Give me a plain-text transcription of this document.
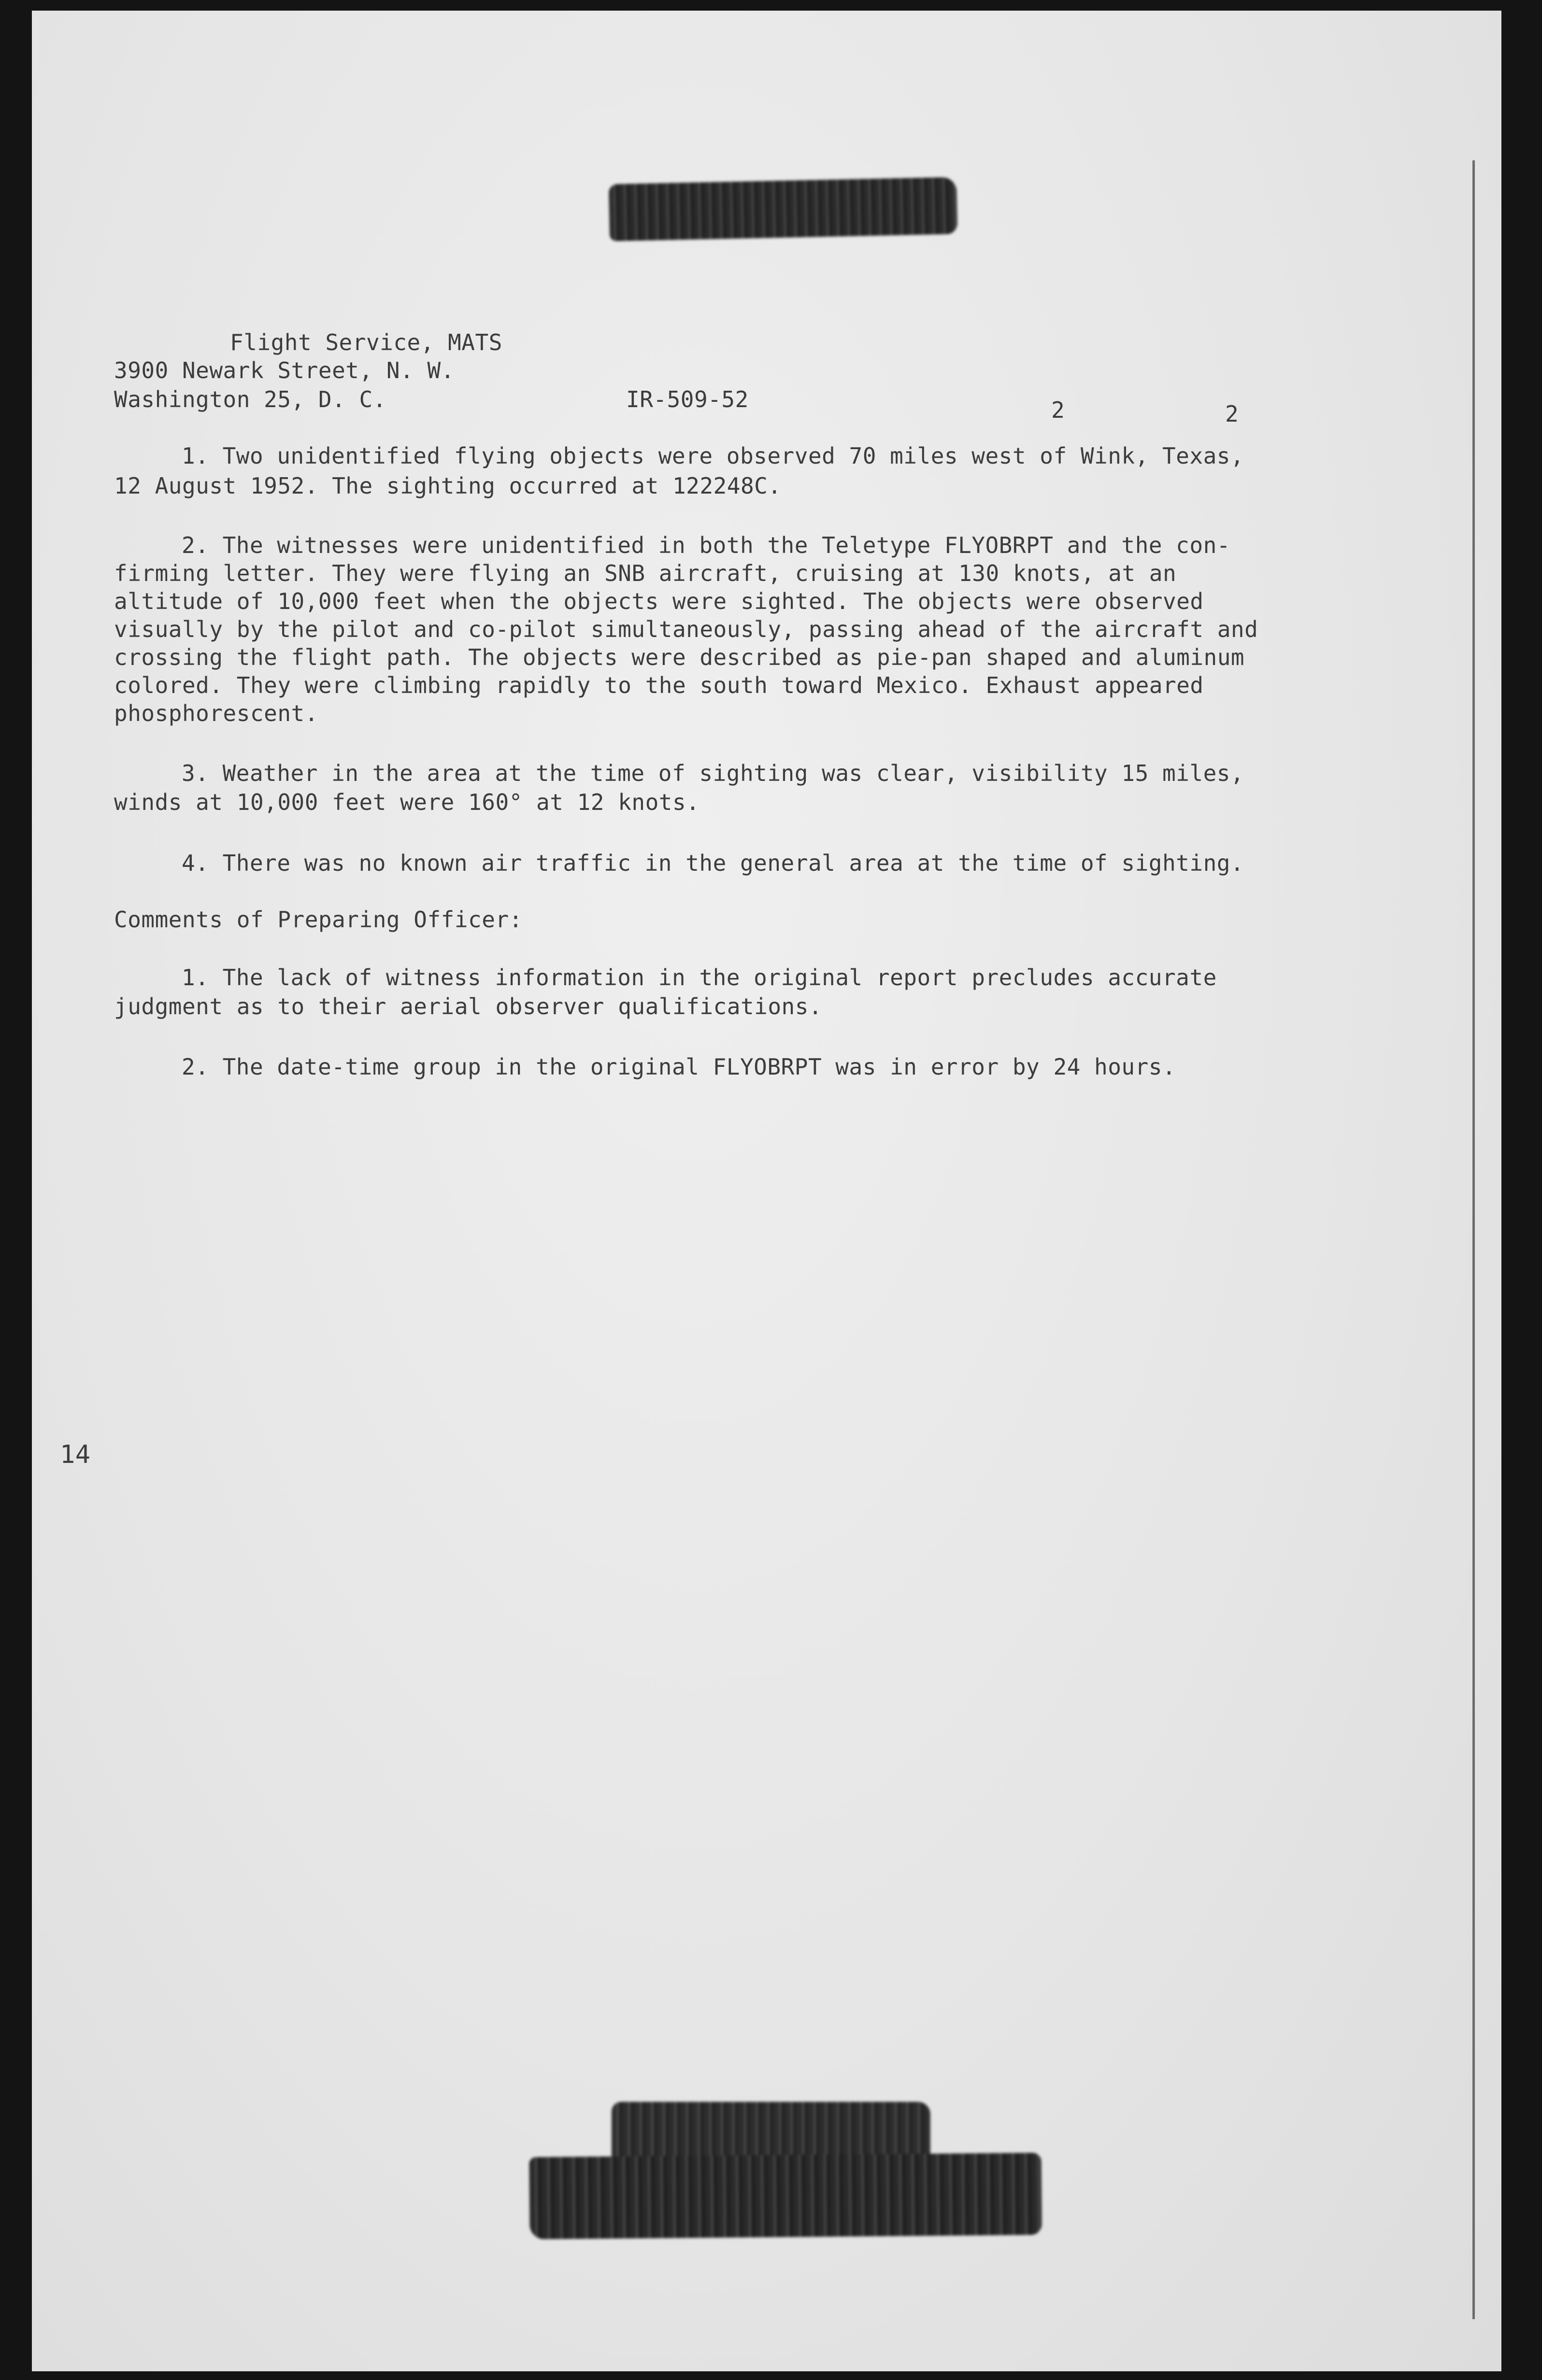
Flight Service, MATS
3900 Newark Street, N. W.
Washington 25, D. C.	IR-509-52	2	2
1. Two unidentified flying objects were observed 70 miles west of Wink, Texas,
12 August 1952. The sighting occurred at 122248C.
2. The witnesses were unidentified in both the Teletype FLYOBRPT and the con-
firming letter. They were flying an SNB aircraft, cruising at 130 knots, at an
altitude of 10,000 feet when the objects were sighted. The objects were observed
visually by the pilot and co-pilot simultaneously, passing ahead of the aircraft and
crossing the flight path. The objects were described as pie-pan shaped and aluminum
colored. They were climbing rapidly to the south toward Mexico. Exhaust appeared
phosphorescent.
3. Weather in the area at the time of sighting was clear, visibility 15 miles,
winds at 10,000 feet were 160° at 12 knots.
4. There was no known air traffic in the general area at the time of sighting.
Comments of Preparing Officer:
1. The lack of witness information in the original report precludes accurate
judgment as to their aerial observer qualifications.
2. The date-time group in the original FLYOBRPT was in error by 24 hours.
14
